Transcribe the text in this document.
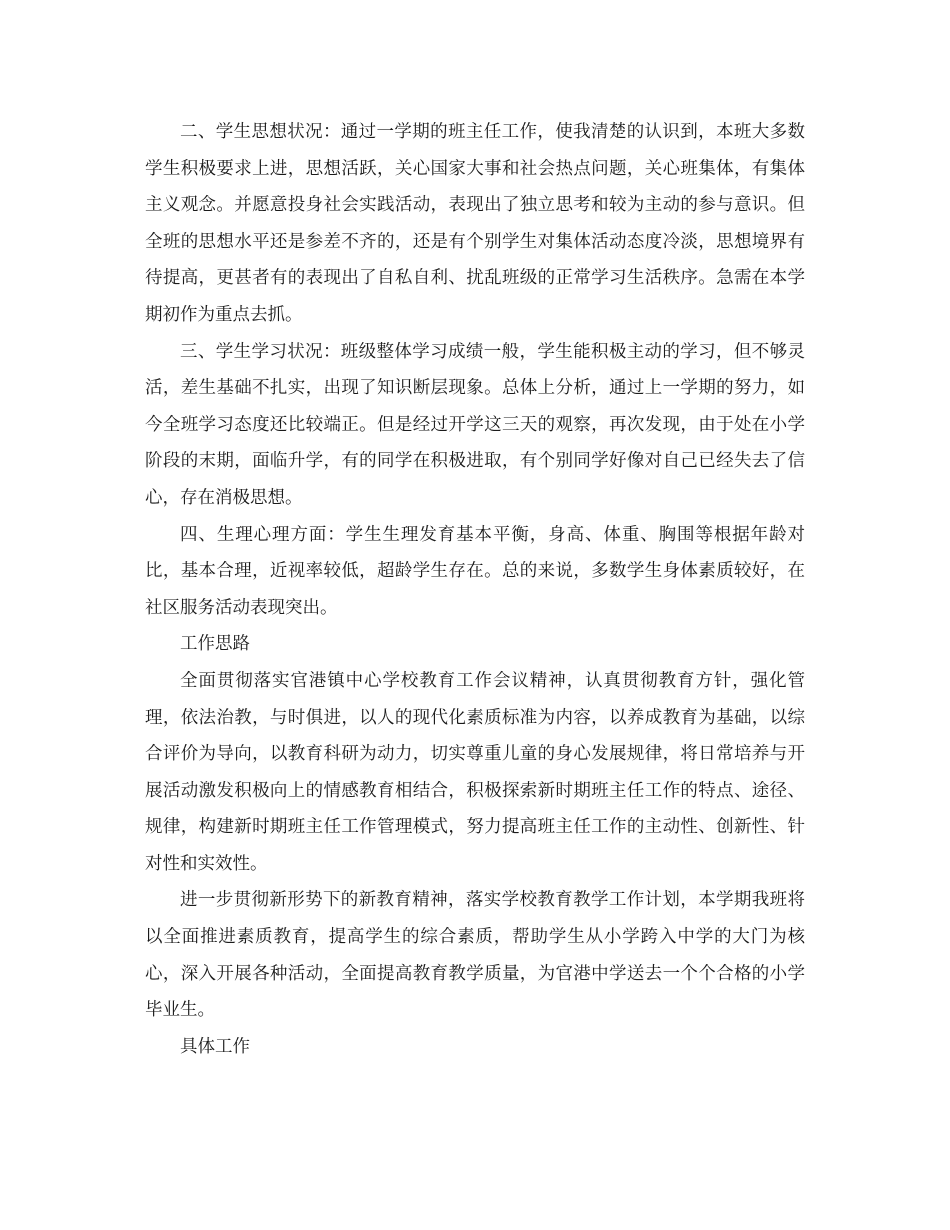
二、学生思想状况：通过一学期的班主任工作，使我清楚的认识到，本班大多数学生积极要求上进，思想活跃，关心国家大事和社会热点问题，关心班集体，有集体主义观念。并愿意投身社会实践活动，表现出了独立思考和较为主动的参与意识。但全班的思想水平还是参差不齐的，还是有个别学生对集体活动态度冷淡，思想境界有待提高，更甚者有的表现出了自私自利、扰乱班级的正常学习生活秩序。急需在本学期初作为重点去抓。

三、学生学习状况：班级整体学习成绩一般，学生能积极主动的学习，但不够灵活，差生基础不扎实，出现了知识断层现象。总体上分析，通过上一学期的努力，如今全班学习态度还比较端正。但是经过开学这三天的观察，再次发现，由于处在小学阶段的末期，面临升学，有的同学在积极进取，有个别同学好像对自己已经失去了信心，存在消极思想。

四、生理心理方面：学生生理发育基本平衡，身高、体重、胸围等根据年龄对比，基本合理，近视率较低，超龄学生存在。总的来说，多数学生身体素质较好，在社区服务活动表现突出。

工作思路

全面贯彻落实官港镇中心学校教育工作会议精神，认真贯彻教育方针，强化管理，依法治教，与时俱进，以人的现代化素质标准为内容，以养成教育为基础，以综合评价为导向，以教育科研为动力，切实尊重儿童的身心发展规律，将日常培养与开展活动激发积极向上的情感教育相结合，积极探索新时期班主任工作的特点、途径、规律，构建新时期班主任工作管理模式，努力提高班主任工作的主动性、创新性、针对性和实效性。

进一步贯彻新形势下的新教育精神，落实学校教育教学工作计划，本学期我班将以全面推进素质教育，提高学生的综合素质，帮助学生从小学跨入中学的大门为核心，深入开展各种活动，全面提高教育教学质量，为官港中学送去一个个合格的小学毕业生。

具体工作
